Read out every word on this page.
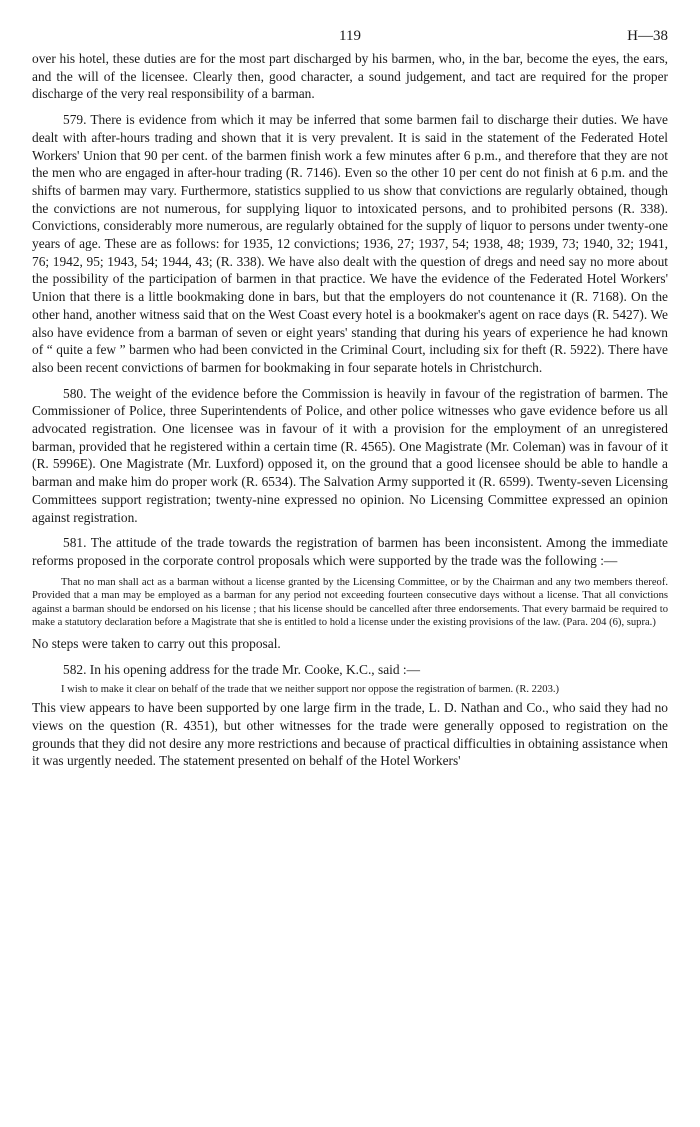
119	H—38

over his hotel, these duties are for the most part discharged by his barmen, who, in the bar, become the eyes, the ears, and the will of the licensee. Clearly then, good character, a sound judgement, and tact are required for the proper discharge of the very real responsibility of a barman.

579. There is evidence from which it may be inferred that some barmen fail to discharge their duties. We have dealt with after-hours trading and shown that it is very prevalent. It is said in the statement of the Federated Hotel Workers' Union that 90 per cent. of the barmen finish work a few minutes after 6 p.m., and therefore that they are not the men who are engaged in after-hour trading (R. 7146). Even so the other 10 per cent do not finish at 6 p.m. and the shifts of barmen may vary. Furthermore, statistics supplied to us show that convictions are regularly obtained, though the convictions are not numerous, for supplying liquor to intoxicated persons, and to prohibited persons (R. 338). Convictions, considerably more numerous, are regularly obtained for the supply of liquor to persons under twenty-one years of age. These are as follows: for 1935, 12 convictions; 1936, 27; 1937, 54; 1938, 48; 1939, 73; 1940, 32; 1941, 76; 1942, 95; 1943, 54; 1944, 43; (R. 338). We have also dealt with the question of dregs and need say no more about the possibility of the participation of barmen in that practice. We have the evidence of the Federated Hotel Workers' Union that there is a little bookmaking done in bars, but that the employers do not countenance it (R. 7168). On the other hand, another witness said that on the West Coast every hotel is a bookmaker's agent on race days (R. 5427). We also have evidence from a barman of seven or eight years' standing that during his years of experience he had known of “ quite a few ” barmen who had been convicted in the Criminal Court, including six for theft (R. 5922). There have also been recent convictions of barmen for bookmaking in four separate hotels in Christchurch.

580. The weight of the evidence before the Commission is heavily in favour of the registration of barmen. The Commissioner of Police, three Superintendents of Police, and other police witnesses who gave evidence before us all advocated registration. One licensee was in favour of it with a provision for the employment of an unregistered barman, provided that he registered within a certain time (R. 4565). One Magistrate (Mr. Coleman) was in favour of it (R. 5996E). One Magistrate (Mr. Luxford) opposed it, on the ground that a good licensee should be able to handle a barman and make him do proper work (R. 6534). The Salvation Army supported it (R. 6599). Twenty-seven Licensing Committees support registration; twenty-nine expressed no opinion. No Licensing Committee expressed an opinion against registration.

581. The attitude of the trade towards the registration of barmen has been inconsistent. Among the immediate reforms proposed in the corporate control proposals which were supported by the trade was the following :—

That no man shall act as a barman without a license granted by the Licensing Committee, or by the Chairman and any two members thereof. Provided that a man may be employed as a barman for any period not exceeding fourteen consecutive days without a license. That all convictions against a barman should be endorsed on his license ; that his license should be cancelled after three endorsements. That every barmaid be required to make a statutory declaration before a Magistrate that she is entitled to hold a license under the existing provisions of the law. (Para. 204 (6), supra.)

No steps were taken to carry out this proposal.

582. In his opening address for the trade Mr. Cooke, K.C., said :—

I wish to make it clear on behalf of the trade that we neither support nor oppose the registration of barmen. (R. 2203.)

This view appears to have been supported by one large firm in the trade, L. D. Nathan and Co., who said they had no views on the question (R. 4351), but other witnesses for the trade were generally opposed to registration on the grounds that they did not desire any more restrictions and because of practical difficulties in obtaining assistance when it was urgently needed. The statement presented on behalf of the Hotel Workers'
